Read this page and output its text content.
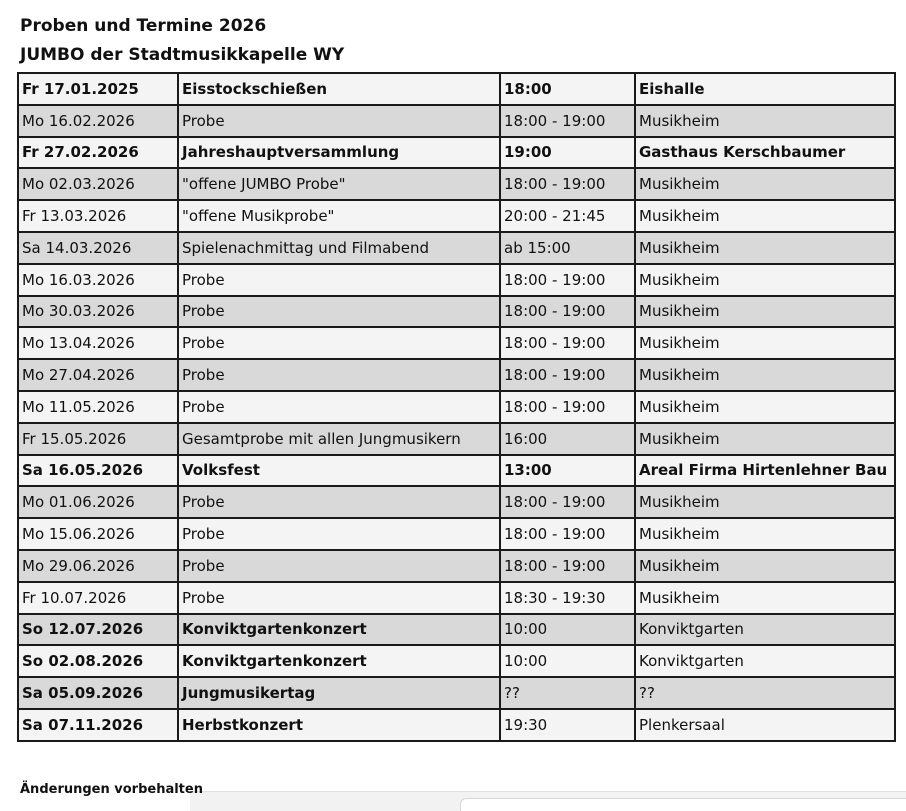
Proben und Termine 2026
JUMBO der Stadtmusikkapelle WY
Fr 17.01.2025	Eisstockschießen	18:00	Eishalle
Mo 16.02.2026	Probe	18:00 - 19:00	Musikheim
Fr 27.02.2026	Jahreshauptversammlung	19:00	Gasthaus Kerschbaumer
Mo 02.03.2026	"offene JUMBO Probe"	18:00 - 19:00	Musikheim
Fr 13.03.2026	"offene Musikprobe"	20:00 - 21:45	Musikheim
Sa 14.03.2026	Spielenachmittag und Filmabend	ab 15:00	Musikheim
Mo 16.03.2026	Probe	18:00 - 19:00	Musikheim
Mo 30.03.2026	Probe	18:00 - 19:00	Musikheim
Mo 13.04.2026	Probe	18:00 - 19:00	Musikheim
Mo 27.04.2026	Probe	18:00 - 19:00	Musikheim
Mo 11.05.2026	Probe	18:00 - 19:00	Musikheim
Fr 15.05.2026	Gesamtprobe mit allen Jungmusikern	16:00	Musikheim
Sa 16.05.2026	Volksfest	13:00	Areal Firma Hirtenlehner Bau
Mo 01.06.2026	Probe	18:00 - 19:00	Musikheim
Mo 15.06.2026	Probe	18:00 - 19:00	Musikheim
Mo 29.06.2026	Probe	18:00 - 19:00	Musikheim
Fr 10.07.2026	Probe	18:30 - 19:30	Musikheim
So 12.07.2026	Konviktgartenkonzert	10:00	Konviktgarten
So 02.08.2026	Konviktgartenkonzert	10:00	Konviktgarten
Sa 05.09.2026	Jungmusikertag	??	??
Sa 07.11.2026	Herbstkonzert	19:30	Plenkersaal
Änderungen vorbehalten
